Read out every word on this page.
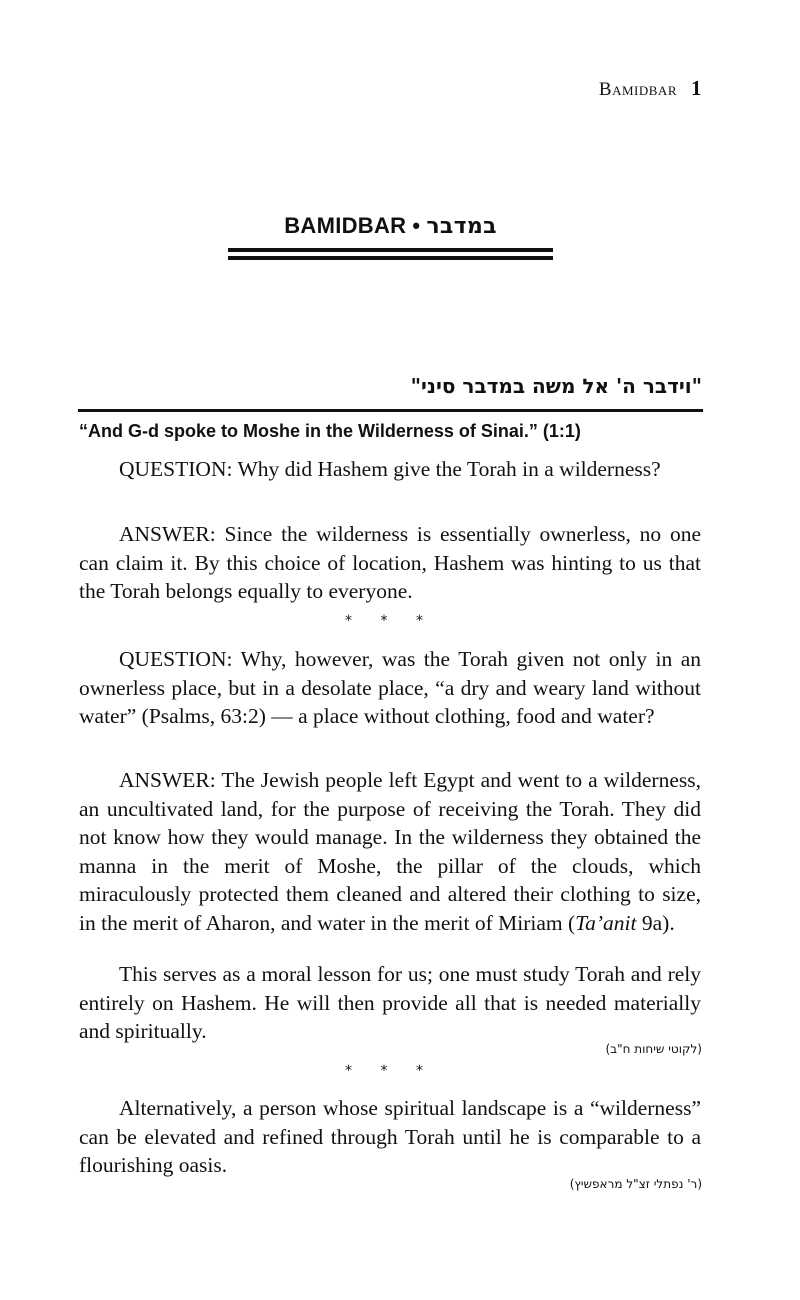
Bamidbar 1
BAMIDBAR • במדבר
"וידבר ה' אל משה במדבר סיני"
“And G-d spoke to Moshe in the Wilderness of Sinai.” (1:1)

QUESTION: Why did Hashem give the Torah in a wilderness?

ANSWER: Since the wilderness is essentially ownerless, no one can claim it. By this choice of location, Hashem was hinting to us that the Torah belongs equally to everyone.

* * *

QUESTION: Why, however, was the Torah given not only in an ownerless place, but in a desolate place, “a dry and weary land without water” (Psalms, 63:2) — a place without clothing, food and water?

ANSWER: The Jewish people left Egypt and went to a wilderness, an uncultivated land, for the purpose of receiving the Torah. They did not know how they would manage. In the wilderness they obtained the manna in the merit of Moshe, the pillar of the clouds, which miraculously protected them cleaned and altered their clothing to size, in the merit of Aharon, and water in the merit of Miriam (Ta’anit 9a).

This serves as a moral lesson for us; one must study Torah and rely entirely on Hashem. He will then provide all that is needed materially and spiritually.

(לקוטי שיחות ח"ב)
* * *

Alternatively, a person whose spiritual landscape is a “wilderness” can be elevated and refined through Torah until he is comparable to a flourishing oasis.

(ר' נפתלי זצ"ל מראפשיץ)
